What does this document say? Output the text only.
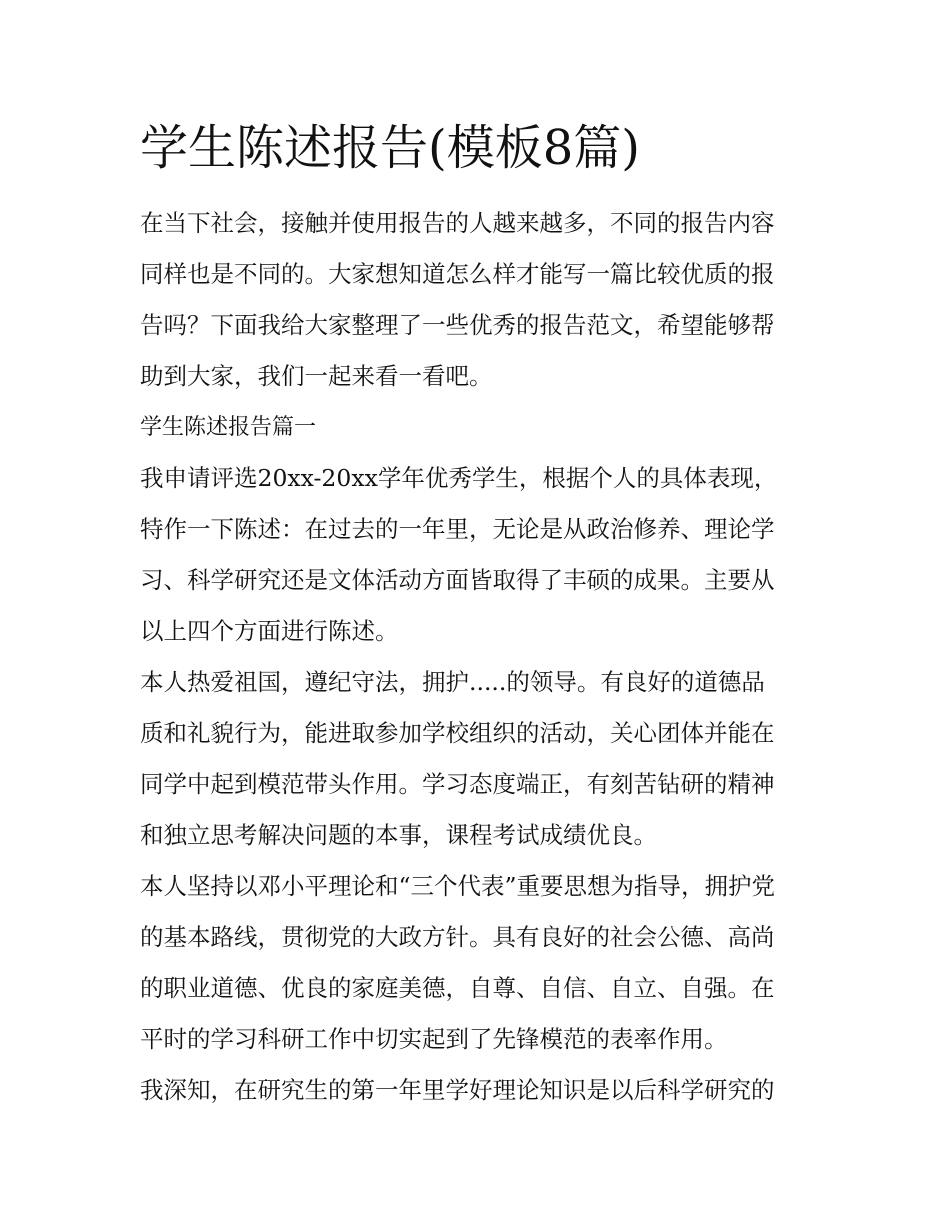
学生陈述报告(模板8篇)
在当下社会，接触并使用报告的人越来越多，不同的报告内容
同样也是不同的。大家想知道怎么样才能写一篇比较优质的报
告吗？下面我给大家整理了一些优秀的报告范文，希望能够帮
助到大家，我们一起来看一看吧。
学生陈述报告篇一
我申请评选20xx-20xx学年优秀学生，根据个人的具体表现，
特作一下陈述：在过去的一年里，无论是从政治修养、理论学
习、科学研究还是文体活动方面皆取得了丰硕的成果。主要从
以上四个方面进行陈述。
本人热爱祖国，遵纪守法，拥护.....的领导。有良好的道德品
质和礼貌行为，能进取参加学校组织的活动，关心团体并能在
同学中起到模范带头作用。学习态度端正，有刻苦钻研的精神
和独立思考解决问题的本事，课程考试成绩优良。
本人坚持以邓小平理论和“三个代表”重要思想为指导，拥护党
的基本路线，贯彻党的大政方针。具有良好的社会公德、高尚
的职业道德、优良的家庭美德，自尊、自信、自立、自强。在
平时的学习科研工作中切实起到了先锋模范的表率作用。
我深知，在研究生的第一年里学好理论知识是以后科学研究的
